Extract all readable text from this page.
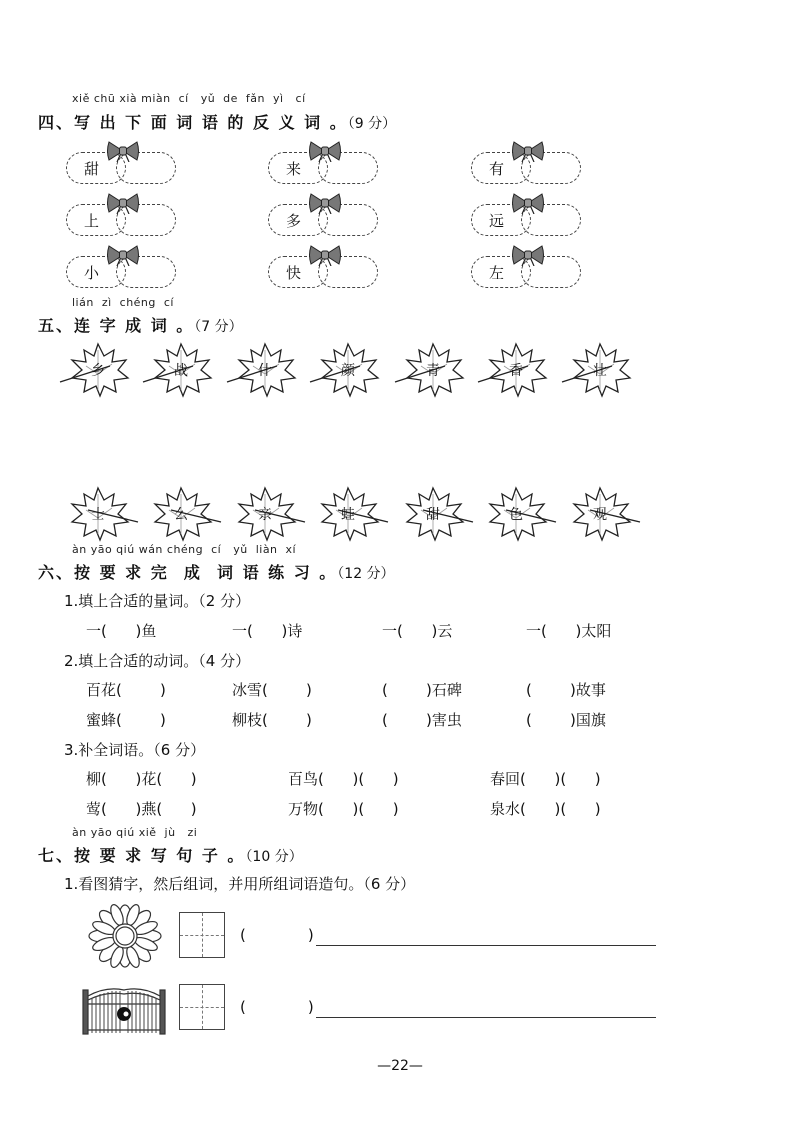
xiě chū xià miàn  cí   yǔ  de  fǎn  yì   cí
四、写 出 下 面 词 语 的 反 义 词 。（9 分）
甜	来	有
上	多	远
小	快	左
lián  zì  chéng  cí
五、连 字 成 词 。（7 分）
乡	战	什	颜	青	香	壮
士	么	亲	蛙	甜	色	观
àn yāo qiú wán chéng  cí   yǔ  liàn  xí
六、按 要 求 完  成  词 语 练 习 。（12 分）
1.填上合适的量词。（2 分）
一(      )鱼	一(      )诗	一(      )云	一(      )太阳
2.填上合适的动词。（4 分）
百花(        )	冰雪(        )	(        )石碑	(        )故事
蜜蜂(        )	柳枝(        )	(        )害虫	(        )国旗
3.补全词语。（6 分）
柳(      )花(      )	百鸟(      )(      )	春回(      )(      )
莺(      )燕(      )	万物(      )(      )	泉水(      )(      )
àn yāo qiú xiě  jù   zi
七、按 要 求 写 句 子 。（10 分）
1.看图猜字，然后组词，并用所组词语造句。（6 分）
(             )
(             )
—22—
